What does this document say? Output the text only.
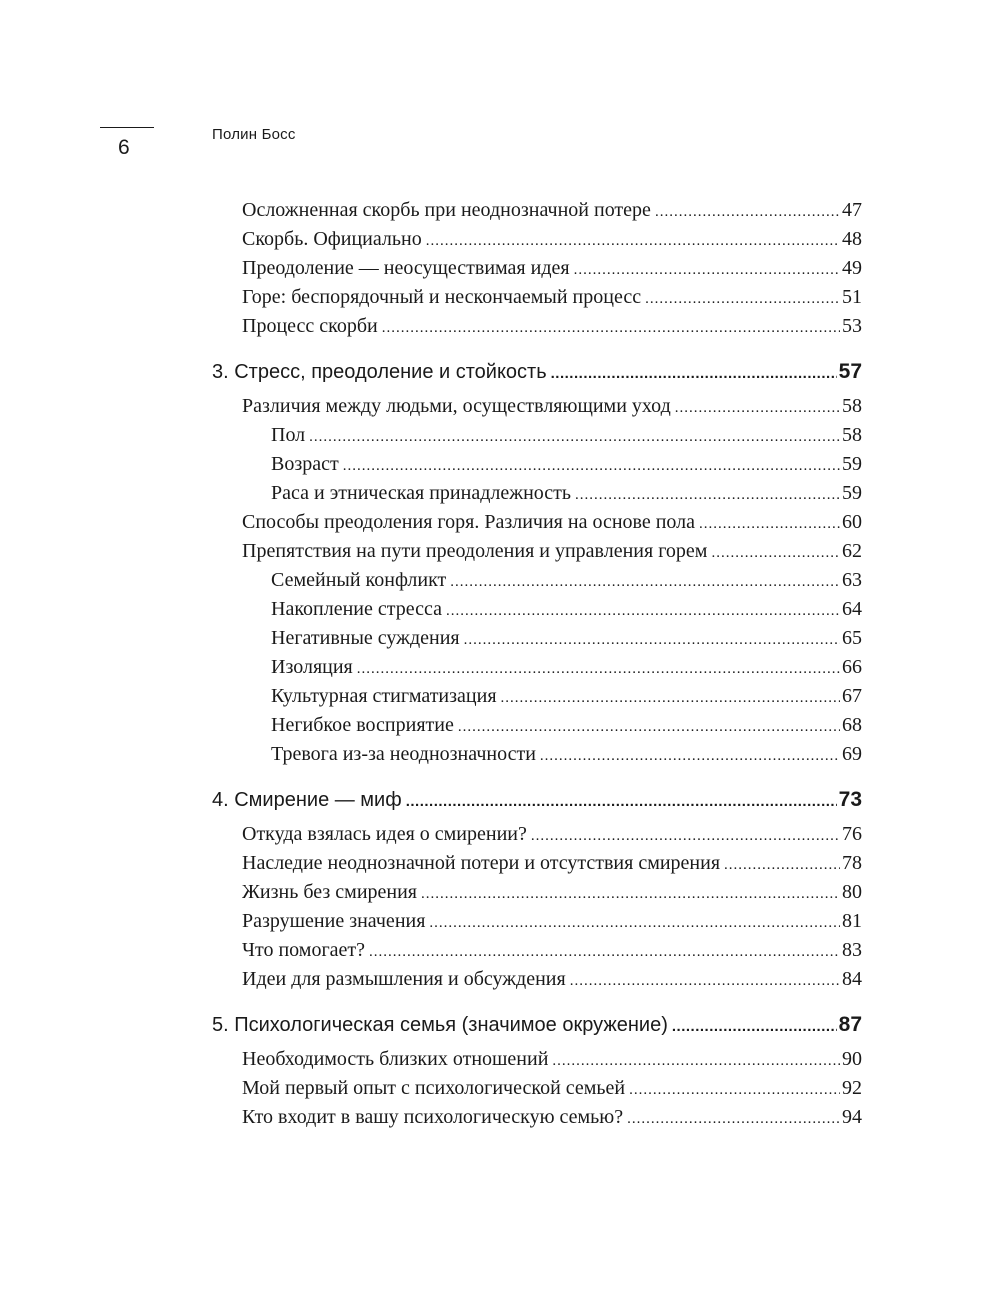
6
Полин Босс
Осложненная скорбь при неоднозначной потере .....	47
Скорбь. Официально .....	48
Преодоление — неосуществимая идея .....	49
Горе: беспорядочный и нескончаемый процесс .....	51
Процесс скорби .....	53
3. Стресс, преодоление и стойкость .....	57
Различия между людьми, осуществляющими уход .....	58
Пол .....	58
Возраст .....	59
Раса и этническая принадлежность .....	59
Способы преодоления горя. Различия на основе пола .....	60
Препятствия на пути преодоления и управления горем .....	62
Семейный конфликт .....	63
Накопление стресса .....	64
Негативные суждения .....	65
Изоляция .....	66
Культурная стигматизация .....	67
Негибкое восприятие .....	68
Тревога из-за неоднозначности .....	69
4. Смирение — миф .....	73
Откуда взялась идея о смирении? .....	76
Наследие неоднозначной потери и отсутствия смирения .....	78
Жизнь без смирения .....	80
Разрушение значения .....	81
Что помогает? .....	83
Идеи для размышления и обсуждения .....	84
5. Психологическая семья (значимое окружение) .....	87
Необходимость близких отношений .....	90
Мой первый опыт с психологической семьей .....	92
Кто входит в вашу психологическую семью? .....	94
